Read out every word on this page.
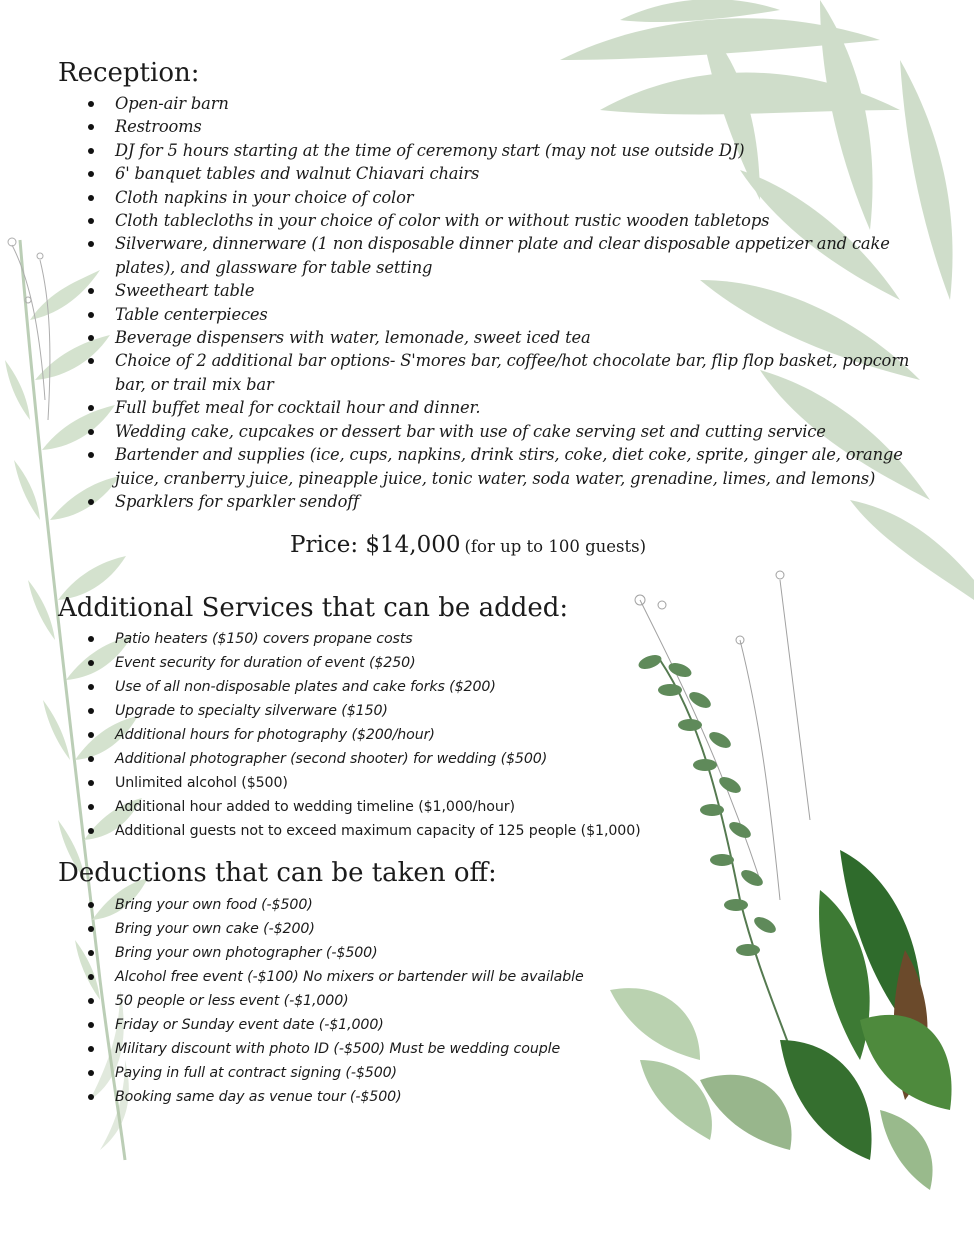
Reception:
Open-air barn
Restrooms
DJ for 5 hours starting at the time of ceremony start (may not use outside DJ)
6' banquet tables and walnut Chiavari chairs
Cloth napkins in your choice of color
Cloth tablecloths in your choice of color with or without rustic wooden tabletops
Silverware, dinnerware (1 non disposable dinner plate and clear disposable appetizer and cake plates), and glassware for table setting
Sweetheart table
Table centerpieces
Beverage dispensers with water, lemonade, sweet iced tea
Choice of 2 additional bar options- S'mores bar, coffee/hot chocolate bar, flip flop basket, popcorn bar, or trail mix bar
Full buffet meal for cocktail hour and dinner.
Wedding cake, cupcakes or dessert bar with use of cake serving set and cutting service
Bartender and supplies (ice, cups, napkins, drink stirs, coke, diet coke, sprite, ginger ale, orange juice, cranberry juice, pineapple juice, tonic water, soda water, grenadine, limes, and lemons)
Sparklers for sparkler sendoff
Price: $14,000 (for up to 100 guests)
Additional Services that can be added:
Patio heaters ($150) covers propane costs
Event security for duration of event ($250)
Use of all non-disposable plates and cake forks ($200)
Upgrade to specialty silverware ($150)
Additional hours for photography ($200/hour)
Additional photographer (second shooter) for wedding ($500)
Unlimited alcohol ($500)
Additional hour added to wedding timeline ($1,000/hour)
Additional guests not to exceed maximum capacity of 125 people ($1,000)
Deductions that can be taken off:
Bring your own food (-$500)
Bring your own cake (-$200)
Bring your own photographer (-$500)
Alcohol free event (-$100) No mixers or bartender will be available
50 people or less event (-$1,000)
Friday or Sunday event date (-$1,000)
Military discount with photo ID (-$500) Must be wedding couple
Paying in full at contract signing (-$500)
Booking same day as venue tour (-$500)
